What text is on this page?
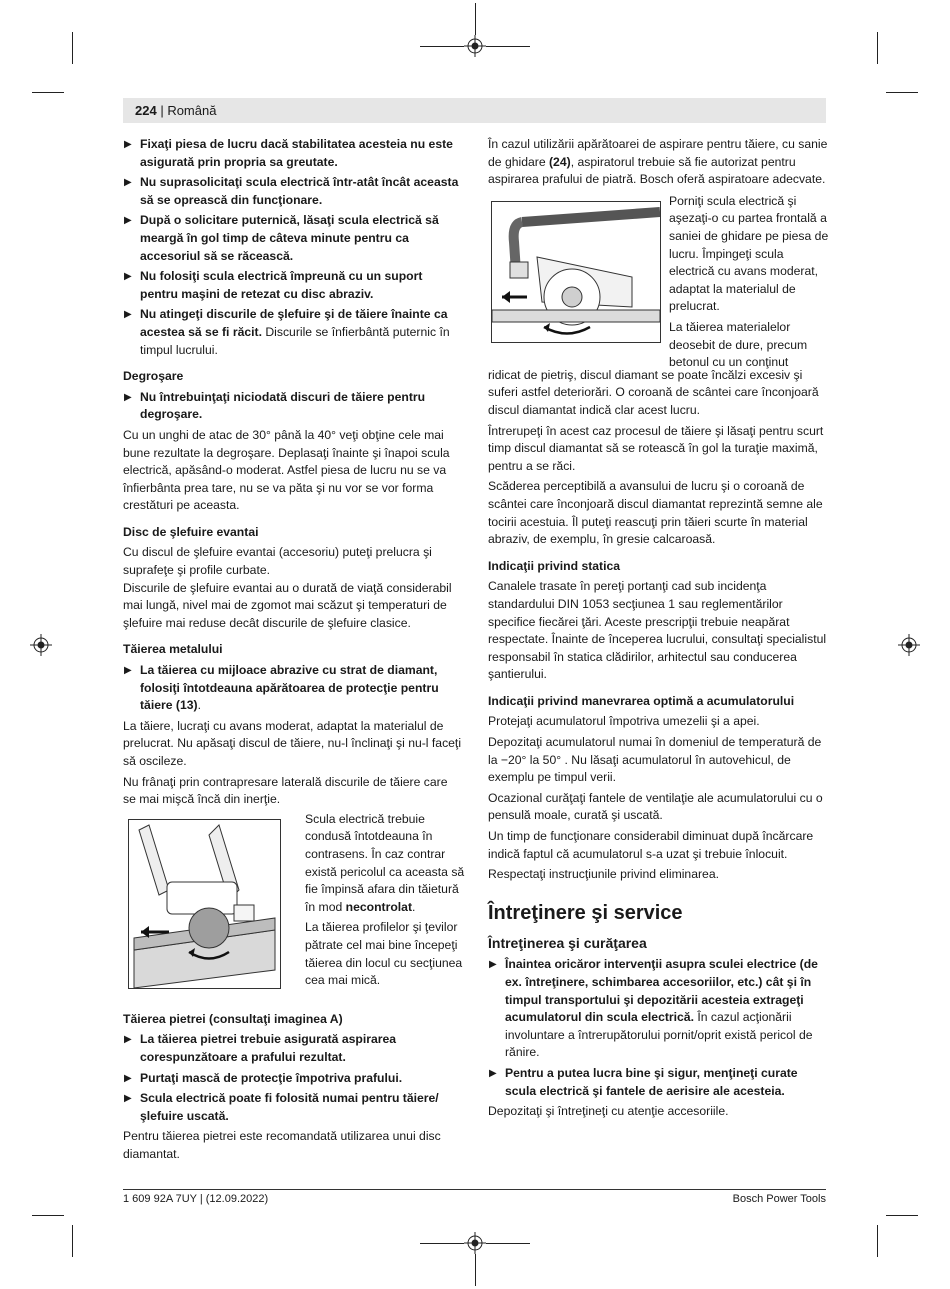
224 | Română
▶ Fixaţi piesa de lucru dacă stabilitatea acesteia nu este asigurată prin propria sa greutate.
▶ Nu suprasolicitaţi scula electrică într-atât încât aceasta să se oprească din funcţionare.
▶ După o solicitare puternică, lăsaţi scula electrică să meargă în gol timp de câteva minute pentru ca accesoriul să se răcească.
▶ Nu folosiţi scula electrică împreună cu un suport pentru maşini de retezat cu disc abraziv.
▶ Nu atingeţi discurile de şlefuire şi de tăiere înainte ca acestea să se fi răcit. Discurile se înfierbântă puternic în timpul lucrului.
Degroşare
▶ Nu întrebuinţaţi niciodată discuri de tăiere pentru degroşare.

Cu un unghi de atac de 30° până la 40° veţi obţine cele mai bune rezultate la degroşare. Deplasaţi înainte şi înapoi scula electrică, apăsând-o moderat. Astfel piesa de lucru nu se va înfierbânta prea tare, nu se va păta şi nu vor se vor forma crestături pe aceasta.

Disc de şlefuire evantai

Cu discul de şlefuire evantai (accesoriu) puteţi prelucra şi suprafeţe şi profile curbate.

Discurile de şlefuire evantai au o durată de viaţă considerabil mai lungă, nivel mai de zgomot mai scăzut şi temperaturi de şlefuire mai reduse decât discurile de şlefuire clasice.

Tăierea metalului
▶ La tăierea cu mijloace abrazive cu strat de diamant, folosiţi întotdeauna apărătoarea de protecţie pentru tăiere (13).

La tăiere, lucraţi cu avans moderat, adaptat la materialul de prelucrat. Nu apăsaţi discul de tăiere, nu-l înclinaţi şi nu-l faceţi să oscileze.

Nu frânaţi prin contrapresare laterală discurile de tăiere care se mai mişcă încă din inerţie.

Scula electrică trebuie condusă întotdeauna în contrasens. În caz contrar există pericolul ca aceasta să fie împinsă afara din tăietură în mod necontrolat.

La tăierea profilelor şi ţevilor pătrate cel mai bine începeţi tăierea din locul cu secţiunea cea mai mică.

Tăierea pietrei (consultaţi imaginea A)
▶ La tăierea pietrei trebuie asigurată aspirarea corespunzătoare a prafului rezultat.
▶ Purtaţi mască de protecţie împotriva prafului.
▶ Scula electrică poate fi folosită numai pentru tăiere/ şlefuire uscată.

Pentru tăierea pietrei este recomandată utilizarea unui disc diamantat.

În cazul utilizării apărătoarei de aspirare pentru tăiere, cu sanie de ghidare (24), aspiratorul trebuie să fie autorizat pentru aspirarea prafului de piatră. Bosch oferă aspiratoare adecvate.

Porniţi scula electrică şi aşezaţi-o cu partea frontală a saniei de ghidare pe piesa de lucru. Împingeţi scula electrică cu avans moderat, adaptat la materialul de prelucrat.

La tăierea materialelor deosebit de dure, precum betonul cu un conţinut

ridicat de pietriş, discul diamant se poate încălzi excesiv şi suferi astfel deteriorări. O coroană de scântei care înconjoară discul diamantat indică clar acest lucru.

Întrerupeţi în acest caz procesul de tăiere şi lăsaţi pentru scurt timp discul diamantat să se rotească în gol la turaţie maximă, pentru a se răci.

Scăderea perceptibilă a avansului de lucru şi o coroană de scântei care înconjoară discul diamantat reprezintă semne ale tocirii acestuia. Îl puteţi reascuţi prin tăieri scurte în material abraziv, de exemplu, în gresie calcaroasă.

Indicaţii privind statica

Canalele trasate în pereţi portanţi cad sub incidenţa standardului DIN 1053 secţiunea 1 sau reglementărilor specifice fiecărei ţări. Aceste prescripţii trebuie neapărat respectate. Înainte de începerea lucrului, consultaţi specialistul responsabil în statica clădirilor, arhitectul sau conducerea şantierului.

Indicaţii privind manevrarea optimă a acumulatorului

Protejaţi acumulatorul împotriva umezelii şi a apei.

Depozitaţi acumulatorul numai în domeniul de temperatură de la −20° la 50° . Nu lăsaţi acumulatorul în autovehicul, de exemplu pe timpul verii.

Ocazional curăţaţi fantele de ventilaţie ale acumulatorului cu o pensulă moale, curată şi uscată.

Un timp de funcţionare considerabil diminuat după încărcare indică faptul că acumulatorul s-a uzat şi trebuie înlocuit.

Respectaţi instrucţiunile privind eliminarea.

Întreţinere şi service
Întreţinerea şi curăţarea
▶ Înaintea oricăror intervenţii asupra sculei electrice (de ex. întreţinere, schimbarea accesoriilor, etc.) cât şi în timpul transportului şi depozitării acesteia extrageţi acumulatorul din scula electrică. În cazul acţionării involuntare a întrerupătorului pornit/oprit există pericol de rănire.
▶ Pentru a putea lucra bine şi sigur, menţineţi curate scula electrică şi fantele de aerisire ale acesteia.

Depozitaţi şi întreţineţi cu atenţie accesoriile.

1 609 92A 7UY | (12.09.2022)	Bosch Power Tools
